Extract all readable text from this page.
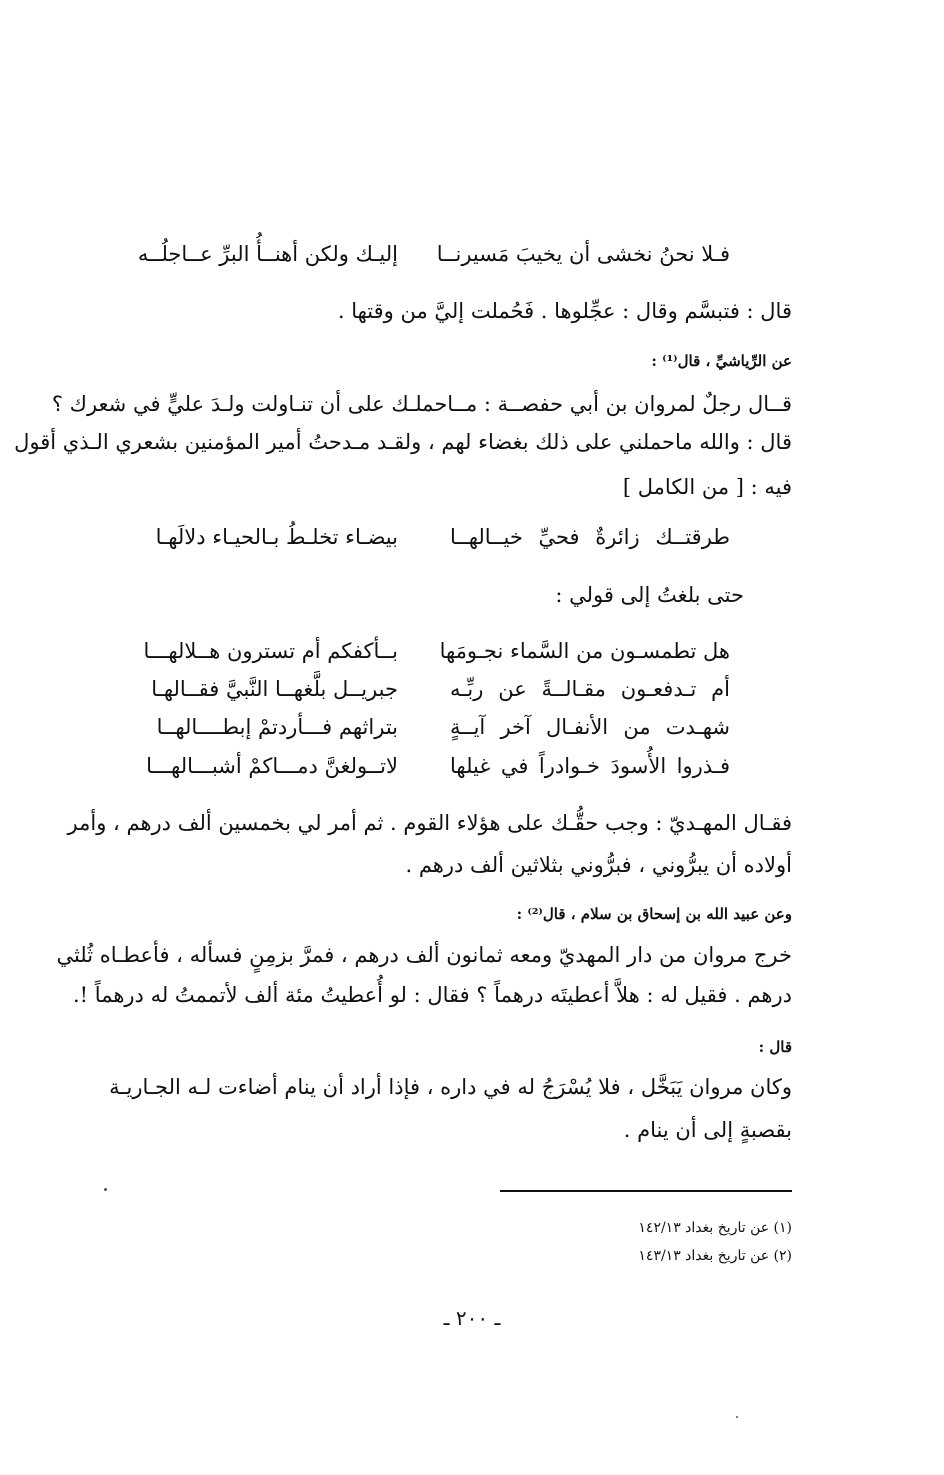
فـلا نحنُ نخشى أن يخيبَ مَسيرنــا
إليـك ولكن أهنــأُ البرِّ عــاجلُــه
قال : فتبسَّم وقال : عجِّلوها . فَحُملت إليَّ من وقتها .
عن الرِّياشيِّ ، قال⁽¹⁾ :
قــال رجلٌ لمروان بن أبي حفصــة : مــاحملـك على أن تنـاولت ولـدَ عليٍّ في شعرك ؟
قال : والله ماحملني على ذلك بغضاء لهم ، ولقـد مـدحتُ أمير المؤمنين بشعري الـذي أقول
فيه : [ من الكامل ]
طرقتــك زائرةٌ فحيِّ خيــالهــا
بيضـاء تخلـطُ بـالحيـاء دلالَهـا
حتى بلغتُ إلى قولي :
هل تطمسـون من السَّماء نجـومَها
بــأكفكم أم تسترون هــلالهـــا
أم تـدفعـون مقـالــةً عن ربِّـه
جبريــل بلَّغهــا النَّبيَّ فقــالهـا
شهـدت من الأنفـال آخر آيــةٍ
بتراثهم فـــأردتمْ إبطــــالهــا
فـذروا الأُسودَ خـوادراً في غيلها
لاتــولغنَّ دمـــاكمْ أشبـــالهـــا
فقـال المهـديّ : وجب حقُّـك على هؤلاء القوم . ثم أمر لي بخمسين ألف درهم ، وأمر
أولاده أن يبرُّوني ، فبرُّوني بثلاثين ألف درهم .
وعن عبيد الله بن إسحاق بن سلام ، قال⁽²⁾ :
خرج مروان من دار المهديّ ومعه ثمانون ألف درهم ، فمرَّ بزمِنٍ فسأله ، فأعطـاه ثُلثي
درهم . فقيل له : هلاَّ أعطيتَه درهماً ؟ فقال : لو أُعطيتُ مئة ألف لأتممتُ له درهماً !.
قال :
وكان مروان يَبَخَّل ، فلا يُسْرَجُ له في داره ، فإذا أراد أن ينام أضاءت لـه الجـاريـة
بقصبةٍ إلى أن ينام .
(١) عن تاريخ بغداد ١٤٢/١٣
(٢) عن تاريخ بغداد ١٤٣/١٣
ـ ٢٠٠ ـ
